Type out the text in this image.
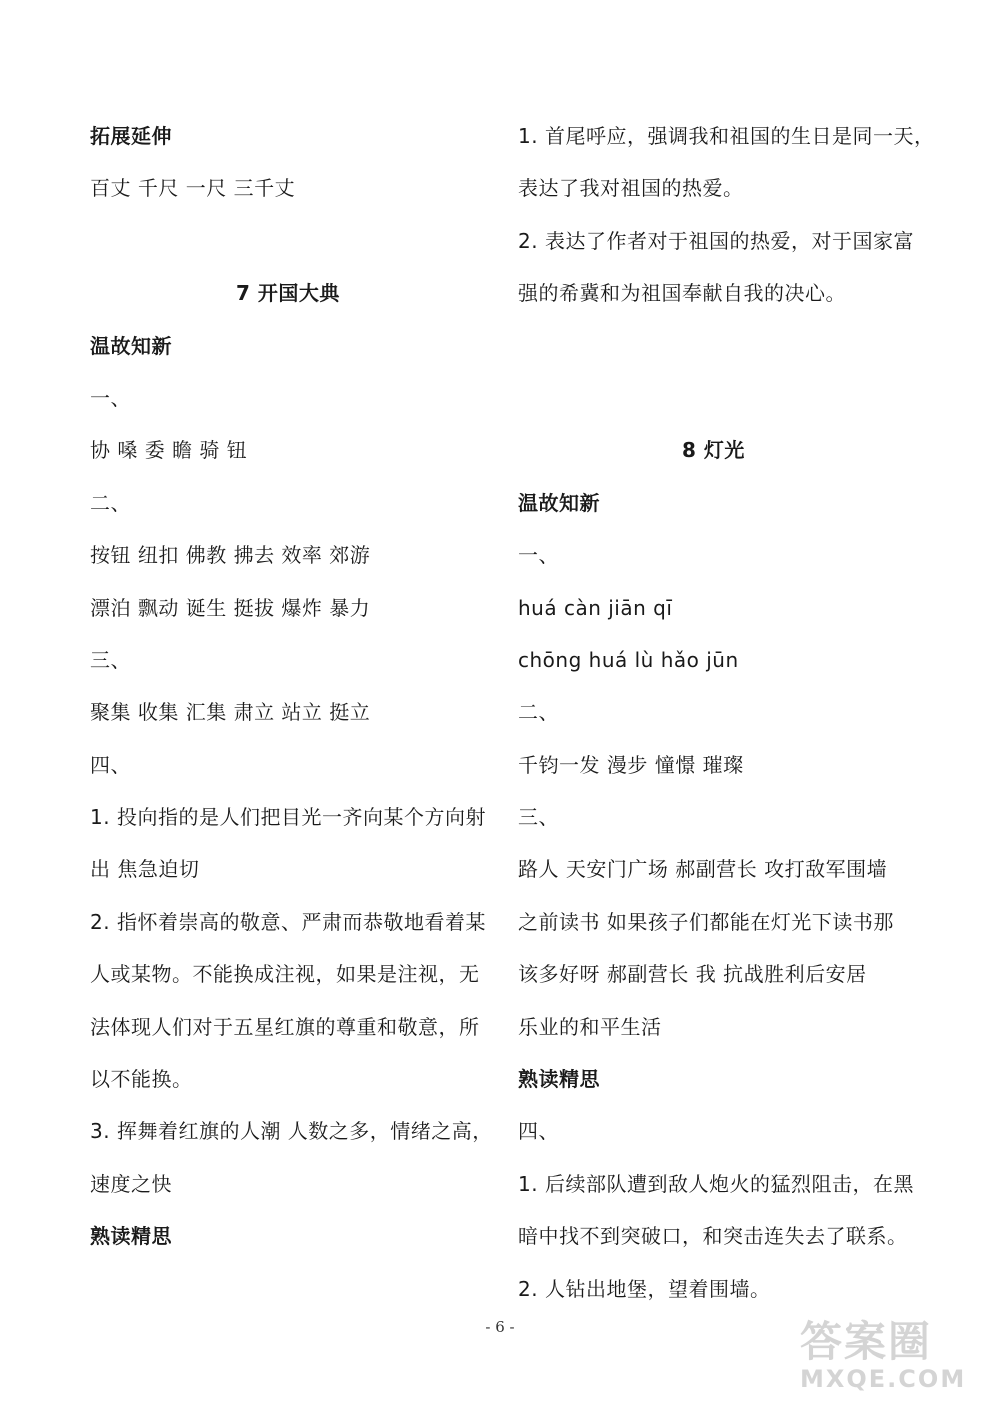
拓展延伸
百丈 千尺 一尺 三千丈
7 开国大典
温故知新
一、
协 嗓 委 瞻 骑 钮
二、
按钮 纽扣 佛教 拂去 效率 郊游
漂泊 飘动 诞生 挺拔 爆炸 暴力
三、
聚集 收集 汇集 肃立 站立 挺立
四、
1. 投向指的是人们把目光一齐向某个方向射
出 焦急迫切
2. 指怀着崇高的敬意、严肃而恭敬地看着某
人或某物。不能换成注视，如果是注视，无
法体现人们对于五星红旗的尊重和敬意，所
以不能换。
3. 挥舞着红旗的人潮 人数之多，情绪之高，
速度之快
熟读精思
1. 首尾呼应，强调我和祖国的生日是同一天，
表达了我对祖国的热爱。
2. 表达了作者对于祖国的热爱，对于国家富
强的希冀和为祖国奉献自我的决心。
8 灯光
温故知新
一、
huá càn jiān qī
chōng huá lù hǎo jūn
二、
千钧一发 漫步 憧憬 璀璨
三、
路人 天安门广场 郝副营长 攻打敌军围墙
之前读书 如果孩子们都能在灯光下读书那
该多好呀 郝副营长 我 抗战胜利后安居
乐业的和平生活
熟读精思
四、
1. 后续部队遭到敌人炮火的猛烈阻击，在黑
暗中找不到突破口，和突击连失去了联系。
2. 人钻出地堡，望着围墙。
- 6 -	答案圈
MXQE.COM
